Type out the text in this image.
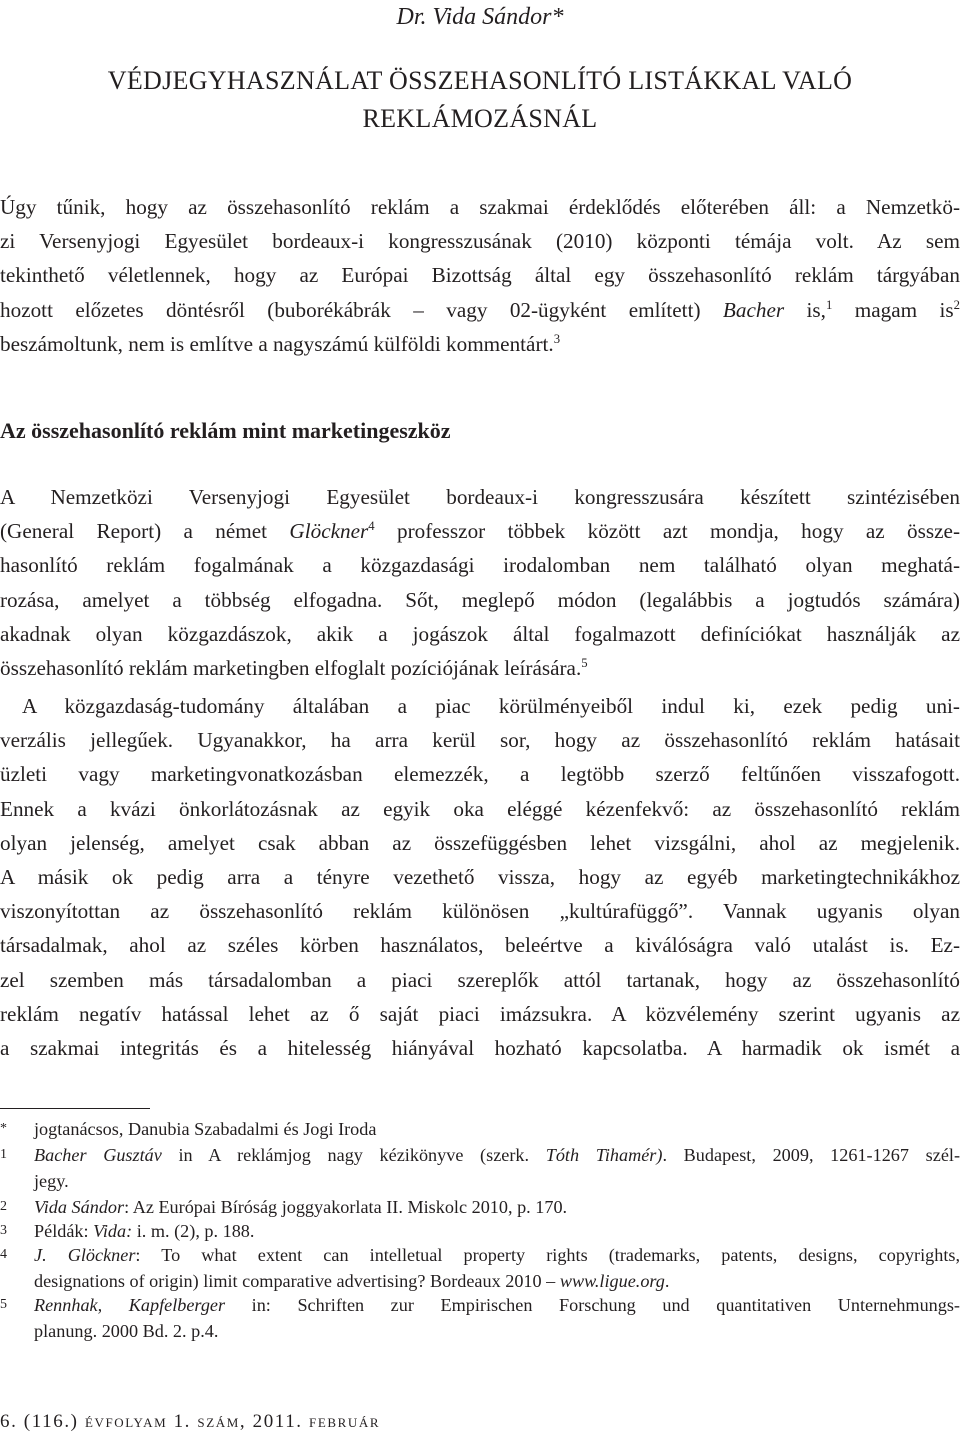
Dr. Vida Sándor*
VÉDJEGYHASZNÁLAT ÖSSZEHASONLÍTÓ LISTÁKKAL VALÓ
REKLÁMOZÁSNÁL
Úgy tűnik, hogy az összehasonlító reklám a szakmai érdeklődés előterében áll: a Nemzetkö-
zi Versenyjogi Egyesület bordeaux-i kongresszusának (2010) központi témája volt. Az sem
tekinthető véletlennek, hogy az Európai Bizottság által egy összehasonlító reklám tárgyában
hozott előzetes döntésről (buborékábrák – vagy 02-ügyként említett) Bacher is,$^1$ magam $is^2$
beszámoltunk, nem is említve a nagyszámú külföldi kommentárt.$^3$
Az összehasonlító reklám mint marketingeszköz
A Nemzetközi Versenyjogi Egyesület bordeaux-i kongresszusára készített szintézisében
(General Report) a német Glöckner$^4$ professzor többek között azt mondja, hogy az össze-
hasonlító reklám fogalmának a közgazdasági irodalomban nem található olyan meghatá-
rozása, amelyet a többség elfogadna. Sőt, meglepő módon (legalábbis a jogtudós számára)
akadnak olyan közgazdászok, akik a jogászok által fogalmazott definíciókat használják az
összehasonlító reklám marketingben elfoglalt pozíciójának leírására.$^5$
A közgazdaság-tudomány általában a piac körülményeiből indul ki, ezek pedig uni-
verzális jellegűek. Ugyanakkor, ha arra kerül sor, hogy az összehasonlító reklám hatásait
üzleti vagy marketingvonatkozásban elemezzék, a legtöbb szerző feltűnően visszafogott.
Ennek a kvázi önkorlátozásnak az egyik oka eléggé kézenfekvő: az összehasonlító reklám
olyan jelenség, amelyet csak abban az összefüggésben lehet vizsgálni, ahol az megjelenik.
A másik ok pedig arra a tényre vezethető vissza, hogy az egyéb marketingtechnikákhoz
viszonyítottan az összehasonlító reklám különösen „kultúrafüggő”. Vannak ugyanis olyan
társadalmak, ahol az széles körben használatos, beleértve a kiválóságra való utalást is. Ez-
zel szemben más társadalomban a piaci szereplők attól tartanak, hogy az összehasonlító
reklám negatív hatással lehet az ő saját piaci imázsukra. A közvélemény szerint ugyanis az
a szakmai integritás és a hitelesség hiányával hozható kapcsolatba. A harmadik ok ismét a
* jogtanácsos, Danubia Szabadalmi és Jogi Iroda
1 Bacher Gusztáv in A reklámjog nagy kézikönyve (szerk. Tóth Tihamér). Budapest, 2009, 1261-1267 szél-
jegy.
2 Vida Sándor: Az Európai Bíróság joggyakorlata II. Miskolc 2010, p. 170.
3 Példák: Vida: i. m. (2), p. 188.
4 J. Glöckner: To what extent can intelletual property rights (trademarks, patents, designs, copyrights,
designations of origin) limit comparative advertising? Bordeaux 2010 – www.ligue.org.
5 Rennhak, Kapfelberger in: Schriften zur Empirischen Forschung und quantitativen Unternehmungs-
planung. 2000 Bd. 2. p.4.
6. (116.) évfolyam 1. szám, 2011. február
